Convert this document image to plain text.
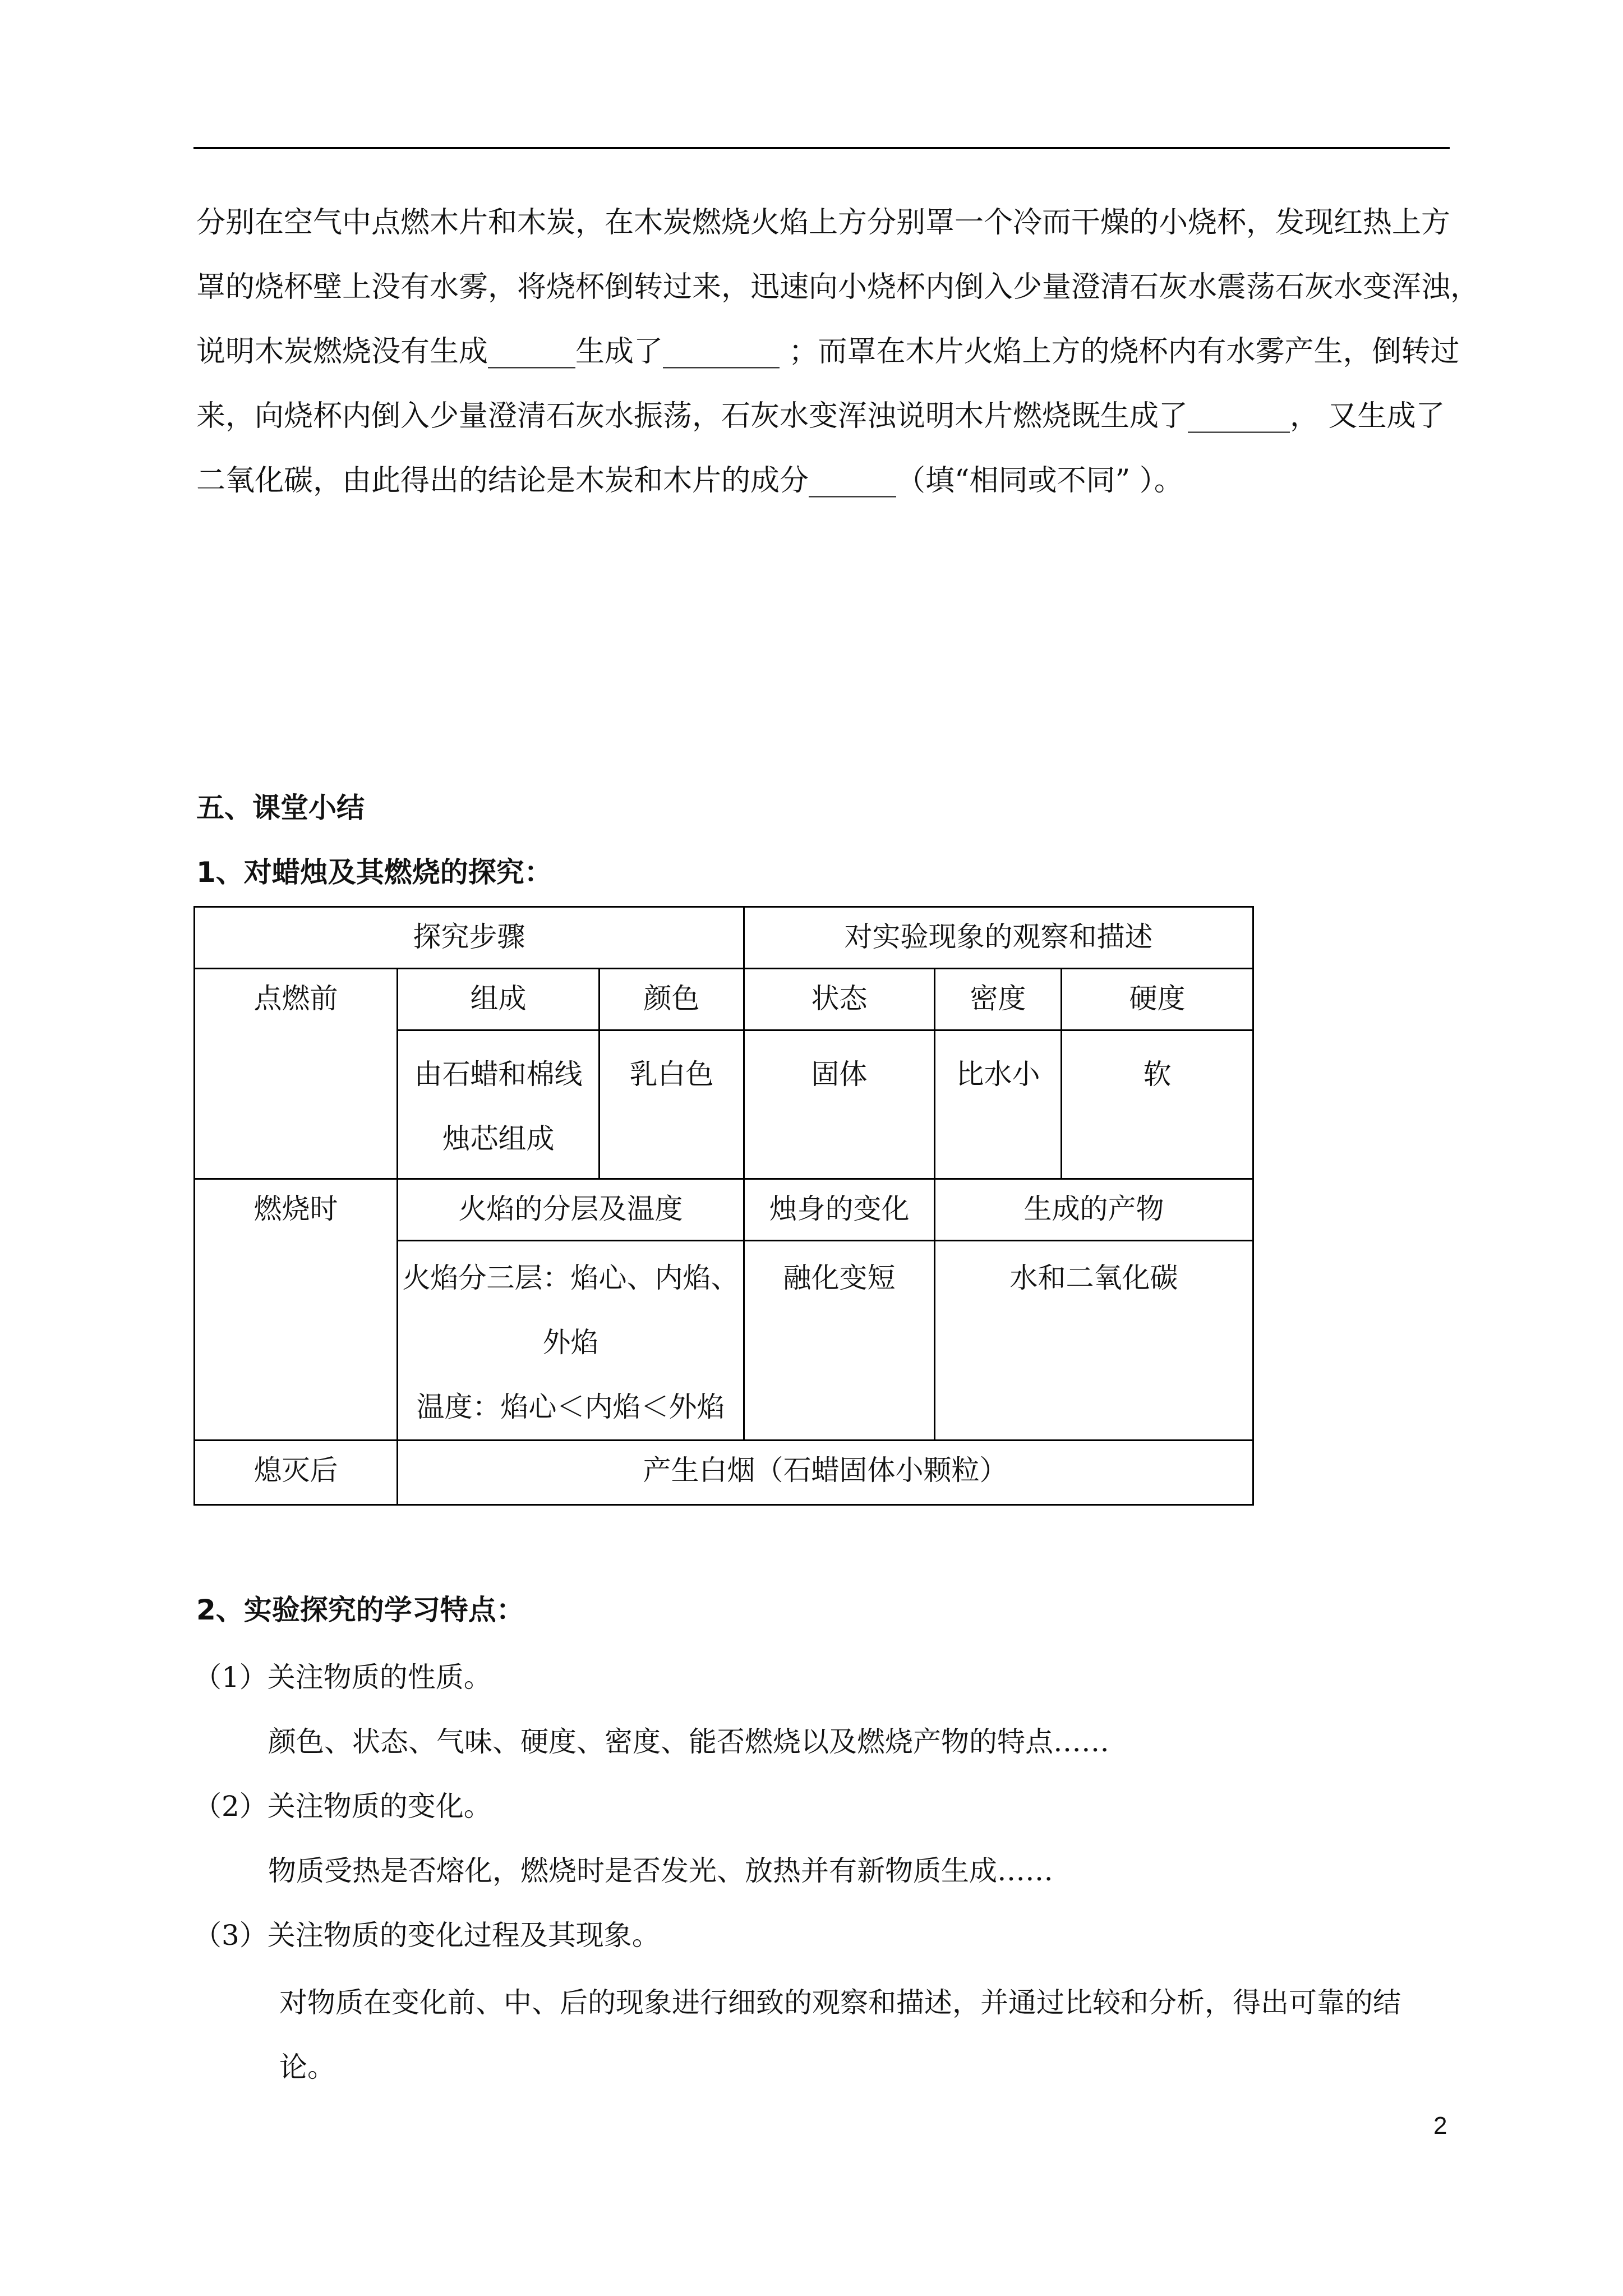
分别在空气中点燃木片和木炭，在木炭燃烧火焰上方分别罩一个冷而干燥的小烧杯，发现红热上方
罩的烧杯壁上没有水雾，将烧杯倒转过来，迅速向小烧杯内倒入少量澄清石灰水震荡石灰水变浑浊，
说明木炭燃烧没有生成______生成了________ ；而罩在木片火焰上方的烧杯内有水雾产生，倒转过
来，向烧杯内倒入少量澄清石灰水振荡，石灰水变浑浊说明木片燃烧既生成了_______， 又生成了
二氧化碳，由此得出的结论是木炭和木片的成分______（填“相同或不同” ）。
五、课堂小结
1、对蜡烛及其燃烧的探究：
探究步骤			对实验现象的观察和描述		
点燃前	组成	颜色	状态	密度	硬度

	由石蜡和棉线
烛芯组成	乳白色	固体	比水小	软
燃烧时	火焰的分层及温度		烛身的变化	生成的产物	

	火焰分三层：焰心、内焰、
外焰
温度：焰心＜内焰＜外焰		融化变短	水和二氧化碳	
熄灭后	产生白烟（石蜡固体小颗粒）				
2、实验探究的学习特点：
（1）关注物质的性质。
颜色、状态、气味、硬度、密度、能否燃烧以及燃烧产物的特点……
（2）关注物质的变化。
物质受热是否熔化，燃烧时是否发光、放热并有新物质生成……
（3）关注物质的变化过程及其现象。
对物质在变化前、中、后的现象进行细致的观察和描述，并通过比较和分析，得出可靠的结
论。
2
